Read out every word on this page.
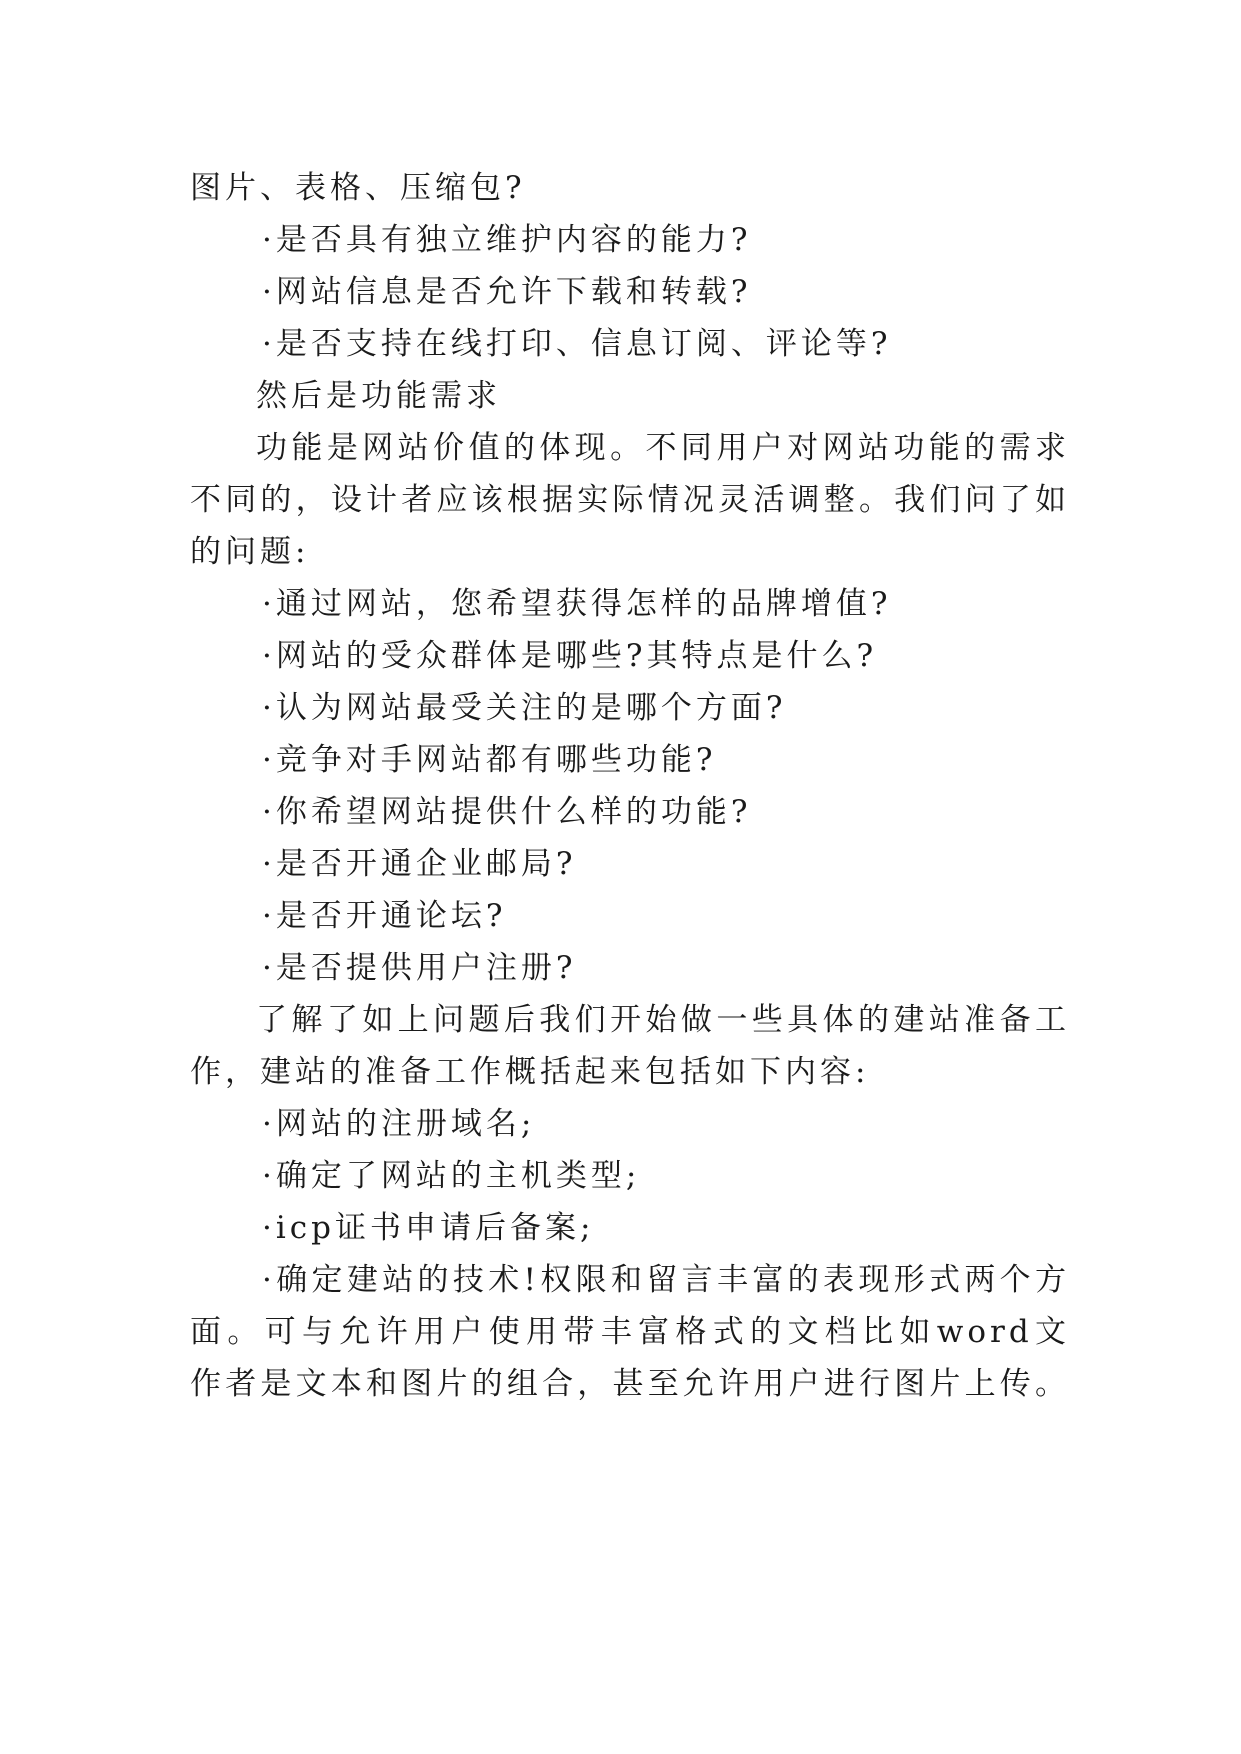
图片、表格、压缩包?
·是否具有独立维护内容的能力?
·网站信息是否允许下载和转载?
·是否支持在线打印、信息订阅、评论等?
然后是功能需求
功能是网站价值的体现。不同用户对网站功能的需求
不同的，设计者应该根据实际情况灵活调整。我们问了如
的问题:
·通过网站，您希望获得怎样的品牌增值?
·网站的受众群体是哪些?其特点是什么?
·认为网站最受关注的是哪个方面?
·竞争对手网站都有哪些功能?
·你希望网站提供什么样的功能?
·是否开通企业邮局?
·是否开通论坛?
·是否提供用户注册?
了解了如上问题后我们开始做一些具体的建站准备工
作，建站的准备工作概括起来包括如下内容:
·网站的注册域名;
·确定了网站的主机类型;
·icp证书申请后备案;
·确定建站的技术!权限和留言丰富的表现形式两个方
面。可与允许用户使用带丰富格式的文档比如word文
作者是文本和图片的组合，甚至允许用户进行图片上传。
